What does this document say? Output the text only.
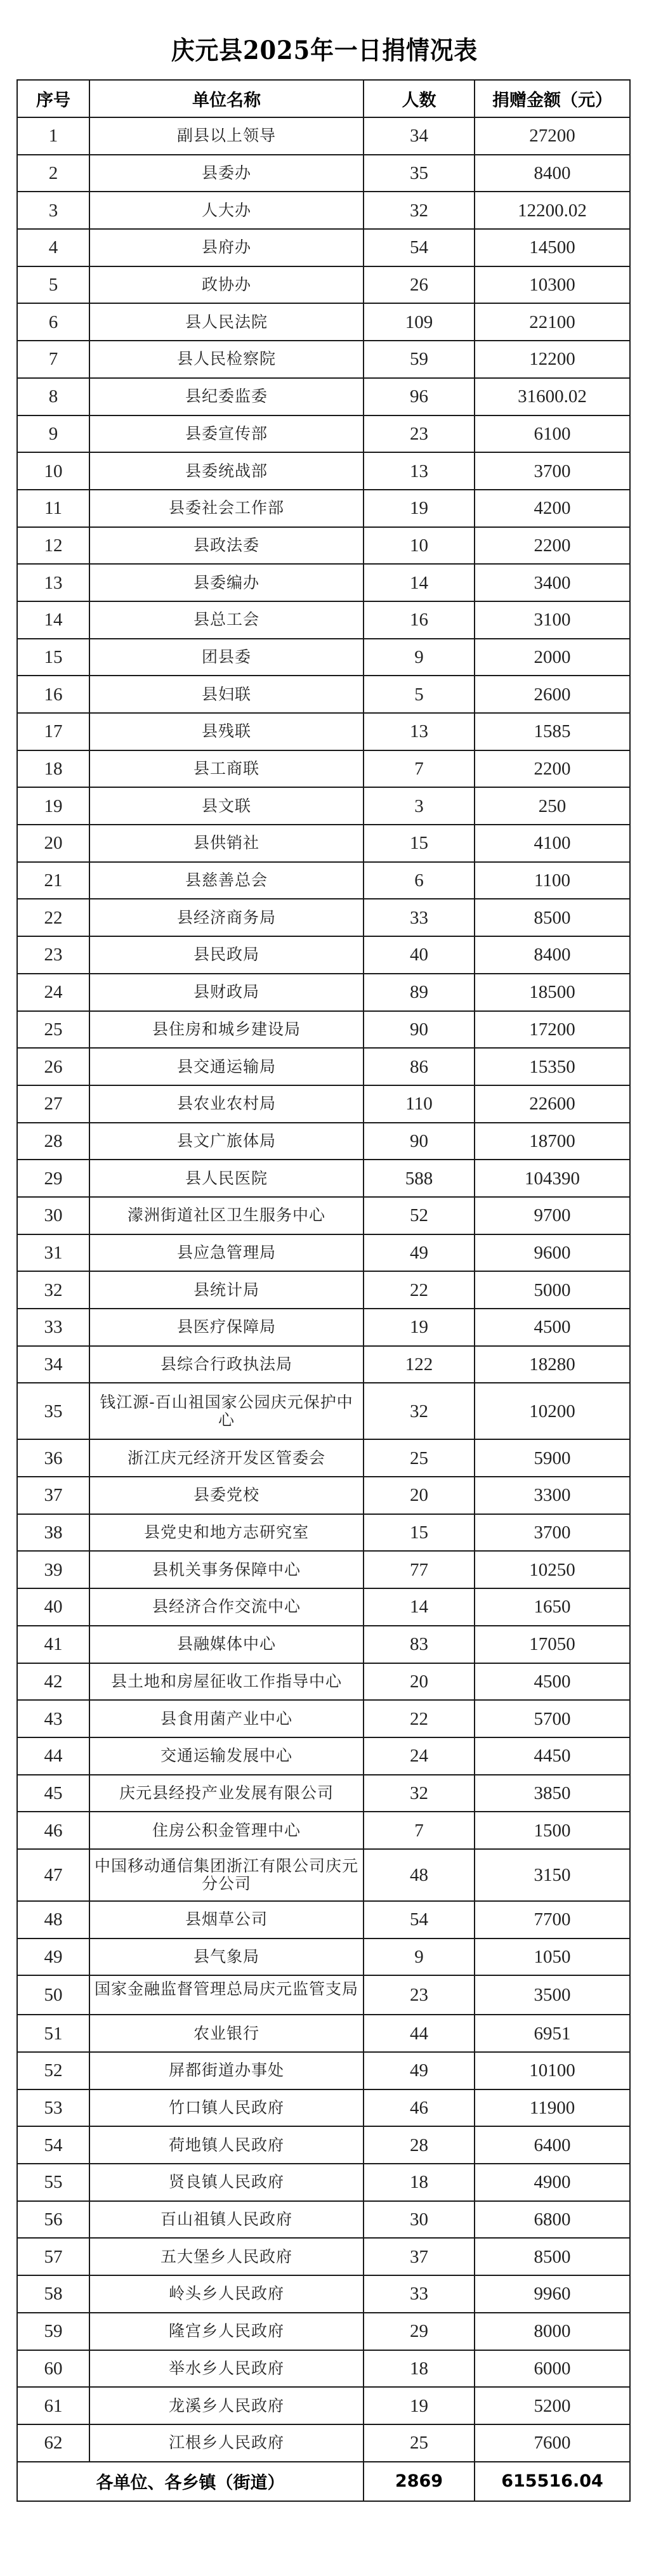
庆元县2025年一日捐情况表
序号	单位名称	人数	捐赠金额（元）
1	副县以上领导	34	27200
2	县委办	35	8400
3	人大办	32	12200.02
4	县府办	54	14500
5	政协办	26	10300
6	县人民法院	109	22100
7	县人民检察院	59	12200
8	县纪委监委	96	31600.02
9	县委宣传部	23	6100
10	县委统战部	13	3700
11	县委社会工作部	19	4200
12	县政法委	10	2200
13	县委编办	14	3400
14	县总工会	16	3100
15	团县委	9	2000
16	县妇联	5	2600
17	县残联	13	1585
18	县工商联	7	2200
19	县文联	3	250
20	县供销社	15	4100
21	县慈善总会	6	1100
22	县经济商务局	33	8500
23	县民政局	40	8400
24	县财政局	89	18500
25	县住房和城乡建设局	90	17200
26	县交通运输局	86	15350
27	县农业农村局	110	22600
28	县文广旅体局	90	18700
29	县人民医院	588	104390
30	濛洲街道社区卫生服务中心	52	9700
31	县应急管理局	49	9600
32	县统计局	22	5000
33	县医疗保障局	19	4500
34	县综合行政执法局	122	18280
35	钱江源-百山祖国家公园庆元保护中心	32	10200
36	浙江庆元经济开发区管委会	25	5900
37	县委党校	20	3300
38	县党史和地方志研究室	15	3700
39	县机关事务保障中心	77	10250
40	县经济合作交流中心	14	1650
41	县融媒体中心	83	17050
42	县土地和房屋征收工作指导中心	20	4500
43	县食用菌产业中心	22	5700
44	交通运输发展中心	24	4450
45	庆元县经投产业发展有限公司	32	3850
46	住房公积金管理中心	7	1500
47	中国移动通信集团浙江有限公司庆元分公司	48	3150
48	县烟草公司	54	7700
49	县气象局	9	1050
50	国家金融监督管理总局庆元监管支局	23	3500
51	农业银行	44	6951
52	屏都街道办事处	49	10100
53	竹口镇人民政府	46	11900
54	荷地镇人民政府	28	6400
55	贤良镇人民政府	18	4900
56	百山祖镇人民政府	30	6800
57	五大堡乡人民政府	37	8500
58	岭头乡人民政府	33	9960
59	隆宫乡人民政府	29	8000
60	举水乡人民政府	18	6000
61	龙溪乡人民政府	19	5200
62	江根乡人民政府	25	7600
各单位、各乡镇（街道）		2869	615516.04
